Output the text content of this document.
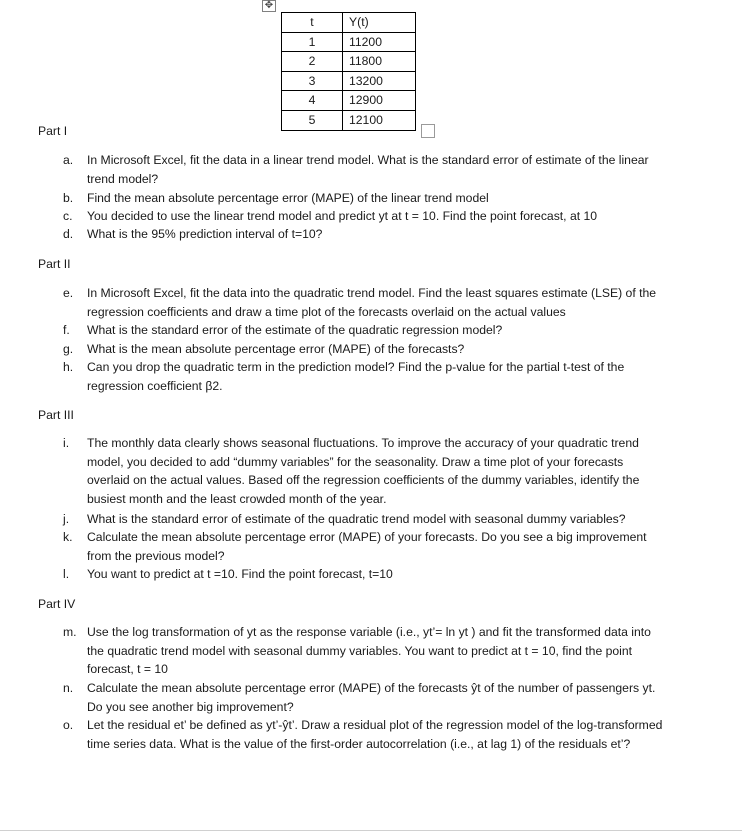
✥
t	Y(t)
1	11200
2	11800
3	13200
4	12900
5	12100
Part I
a.	In Microsoft Excel, fit the data in a linear trend model. What is the standard error of estimate of the linear trend model?
b.	Find the mean absolute percentage error (MAPE) of the linear trend model
c.	You decided to use the linear trend model and predict yt at t = 10. Find the point forecast, at 10
d.	What is the 95% prediction interval of t=10?
Part II
e.	In Microsoft Excel, fit the data into the quadratic trend model. Find the least squares estimate (LSE) of the regression coefficients and draw a time plot of the forecasts overlaid on the actual values
f.	What is the standard error of the estimate of the quadratic regression model?
g.	What is the mean absolute percentage error (MAPE) of the forecasts?
h.	Can you drop the quadratic term in the prediction model? Find the p-value for the partial t-test of the regression coefficient β2.
Part III
i.	The monthly data clearly shows seasonal fluctuations. To improve the accuracy of your quadratic trend model, you decided to add “dummy variables” for the seasonality. Draw a time plot of your forecasts overlaid on the actual values. Based off the regression coefficients of the dummy variables, identify the busiest month and the least crowded month of the year.
j.	What is the standard error of estimate of the quadratic trend model with seasonal dummy variables?
k.	Calculate the mean absolute percentage error (MAPE) of your forecasts. Do you see a big improvement from the previous model?
l.	You want to predict at t =10. Find the point forecast, t=10
Part IV
m. Use the log transformation of yt as the response variable (i.e., yt’= ln yt ) and fit the transformed data into the quadratic trend model with seasonal dummy variables. You want to predict at t = 10, find the point forecast, t = 10
n.	Calculate the mean absolute percentage error (MAPE) of the forecasts ŷt of the number of passengers yt. Do you see another big improvement?
o.	Let the residual et’ be defined as yt’-ŷt’. Draw a residual plot of the regression model of the log-transformed time series data. What is the value of the first-order autocorrelation (i.e., at lag 1) of the residuals et’?
